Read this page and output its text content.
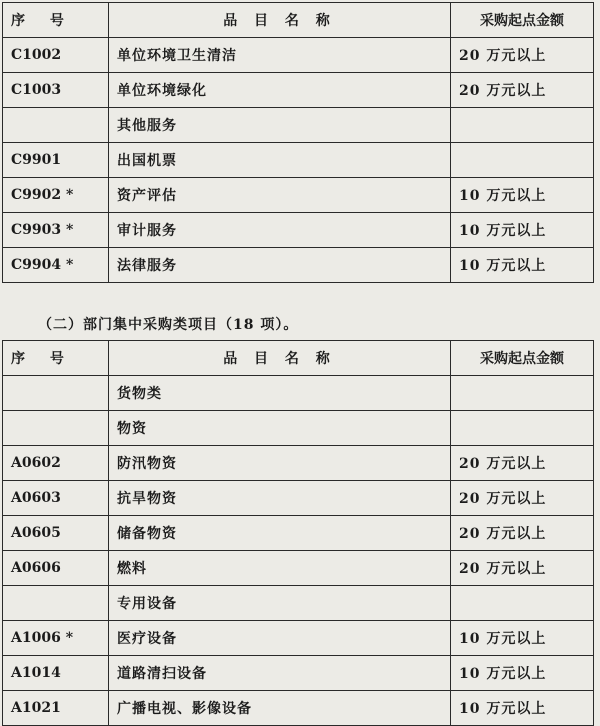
序 号	品 目 名 称	采购起点金额
C1002	单位环境卫生清洁	20 万元以上
C1003	单位环境绿化	20 万元以上
	其他服务	
C9901	出国机票	
C9902 *	资产评估	10 万元以上
C9903 *	审计服务	10 万元以上
C9904 *	法律服务	10 万元以上
（二）部门集中采购类项目（18 项）。
序 号	品 目 名 称	采购起点金额
	货物类	
	物资	
A0602	防汛物资	20 万元以上
A0603	抗旱物资	20 万元以上
A0605	储备物资	20 万元以上
A0606	燃料	20 万元以上
	专用设备	
A1006 *	医疗设备	10 万元以上
A1014	道路清扫设备	10 万元以上
A1021	广播电视、影像设备	10 万元以上
